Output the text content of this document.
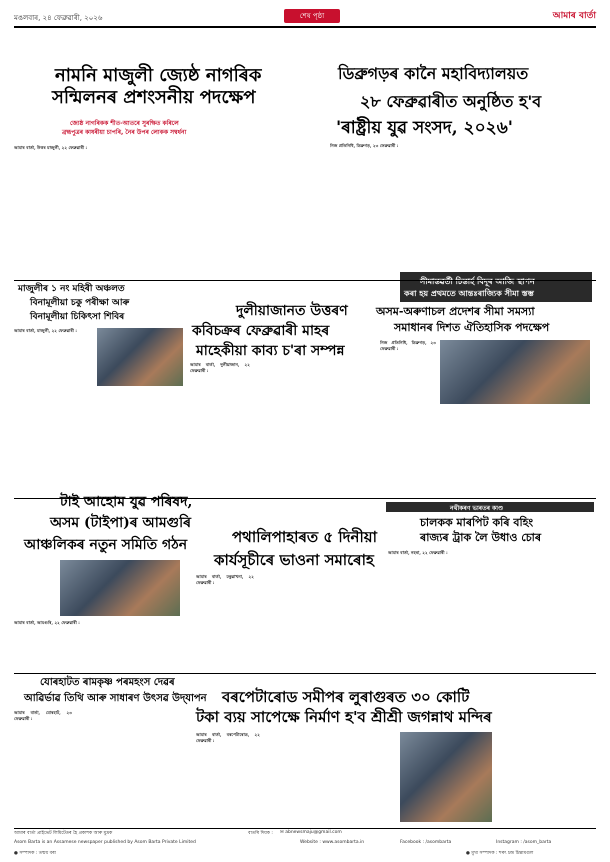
মঙলবাৰ, ২৪ ফেব্ৰুৱাৰী, ২০২৬	শেষ পৃষ্ঠা	আমাৰ বাৰ্তা
নামনি মাজুলী জ্যেষ্ঠ নাগৰিক
সন্মিলনৰ প্ৰশংসনীয় পদক্ষেপ
জ্যেষ্ঠ নাগৰিকক শীত-আতৰে সুৰক্ষিত কৰিলে
ব্ৰহ্মপুত্ৰৰ কাষৰীয়া চাপৰি, নৈৰ উপৰ লোকক সম্বৰ্ধনা
আমাৰ বাৰ্তা, উত্তৰ মাজুলী, ২২ ফেব্ৰুৱাৰী :
ডিব্ৰুগড়ৰ কানৈ মহাবিদ্যালয়ত
২৮ ফেব্ৰুৱাৰীত অনুষ্ঠিত হ'ব
'ৰাষ্ট্ৰীয় যুৱ সংসদ, ২০২৬'
নিজ প্ৰতিনিধি, ডিব্ৰুগড়, ২৩ ফেব্ৰুৱাৰী :
মাজুলীৰ ১ নং মহিৰী অঞ্চলত
বিনামূলীয়া চকু পৰীক্ষা আৰু
বিনামূলীয়া চিকিৎসা শিবিৰ
আমাৰ বাৰ্তা, মাজুলী, ২২ ফেব্ৰুৱাৰী :
দুলীয়াজানত উত্তৰণ
কবিচক্ৰৰ ফেব্ৰুৱাৰী মাহৰ
মাহেকীয়া কাব্য চ'ৰা সম্পন্ন
আমাৰ বাৰ্তা, দুলীয়াজান, ২২ ফেব্ৰুৱাৰী :
সীমান্তৱৰ্তী চিন্তাৰ্হ বিদূৰ আজি স্থাপন
কৰা হয় প্ৰথমতে আন্তঃৰাজ্যিক সীমা স্তম্ভ
অসম-অৰুণাচল প্ৰদেশৰ সীমা সমস্যা
সমাধানৰ দিশত ঐতিহাসিক পদক্ষেপ
নিজ প্ৰতিনিধি, ডিব্ৰুগড়, ২৩ ফেব্ৰুৱাৰী :
টাই আহোম যুৱ পৰিষদ,
অসম (টাইপা)ৰ আমগুৰি
আঞ্চলিকৰ নতুন সমিতি গঠন
আমাৰ বাৰ্তা, আমগুৰি, ২২ ফেব্ৰুৱাৰী :
পথালিপাহাৰত ৫ দিনীয়া
কাৰ্যসূচীৰে ভাওনা সমাৰোহ
আমাৰ বাৰ্তা, ঢকুৱাখনা, ২২ ফেব্ৰুৱাৰী :
নথীকৰণ ভাৰতৰ কাণ্ড
চালকক মাৰপিট কৰি বহিং
ৰাজ্যৰ ট্ৰাক লৈ উধাও চোৰ
আমাৰ বাৰ্তা, নহৰা, ২২ ফেব্ৰুৱাৰী :
যোৰহাটত ৰামকৃষ্ণ পৰমহংস দেৱৰ
আৱিৰ্ভাৱ তিথি আৰু সাধাৰণ উৎসৱ উদ্‌যাপন
আমাৰ বাৰ্তা, যোৰহাট, ২৩ ফেব্ৰুৱাৰী :
বৰপেটাৰোড সমীপৰ লুৰাগুৰত ৩০ কোটি
টকা ব্যয় সাপেক্ষে নিৰ্মাণ হ'ব শ্ৰীশ্ৰী জগন্নাথ মন্দিৰ
আমাৰ বাৰ্তা, বৰপেটাৰোড, ২২ ফেব্ৰুৱাৰী :
আমাৰ বাৰ্তা প্ৰাইভেট লিমিটেডৰ হৈ প্ৰকাশক আৰু মুদ্ৰক	বাতৰি দিয়ক : ✉ abnewsmaju@gmail.com
Asom Barta is an Assamese newspaper published by Asom Barta Private Limited	Website : www.asombarta.in	Facebook : /asombarta	Instagram : /asom_barta
● সম্পাদক : তন্ময় বৰা	● মুখ্য সম্পাদক : শৰৎ চন্দ্ৰ চিন্তামণ্ডল
